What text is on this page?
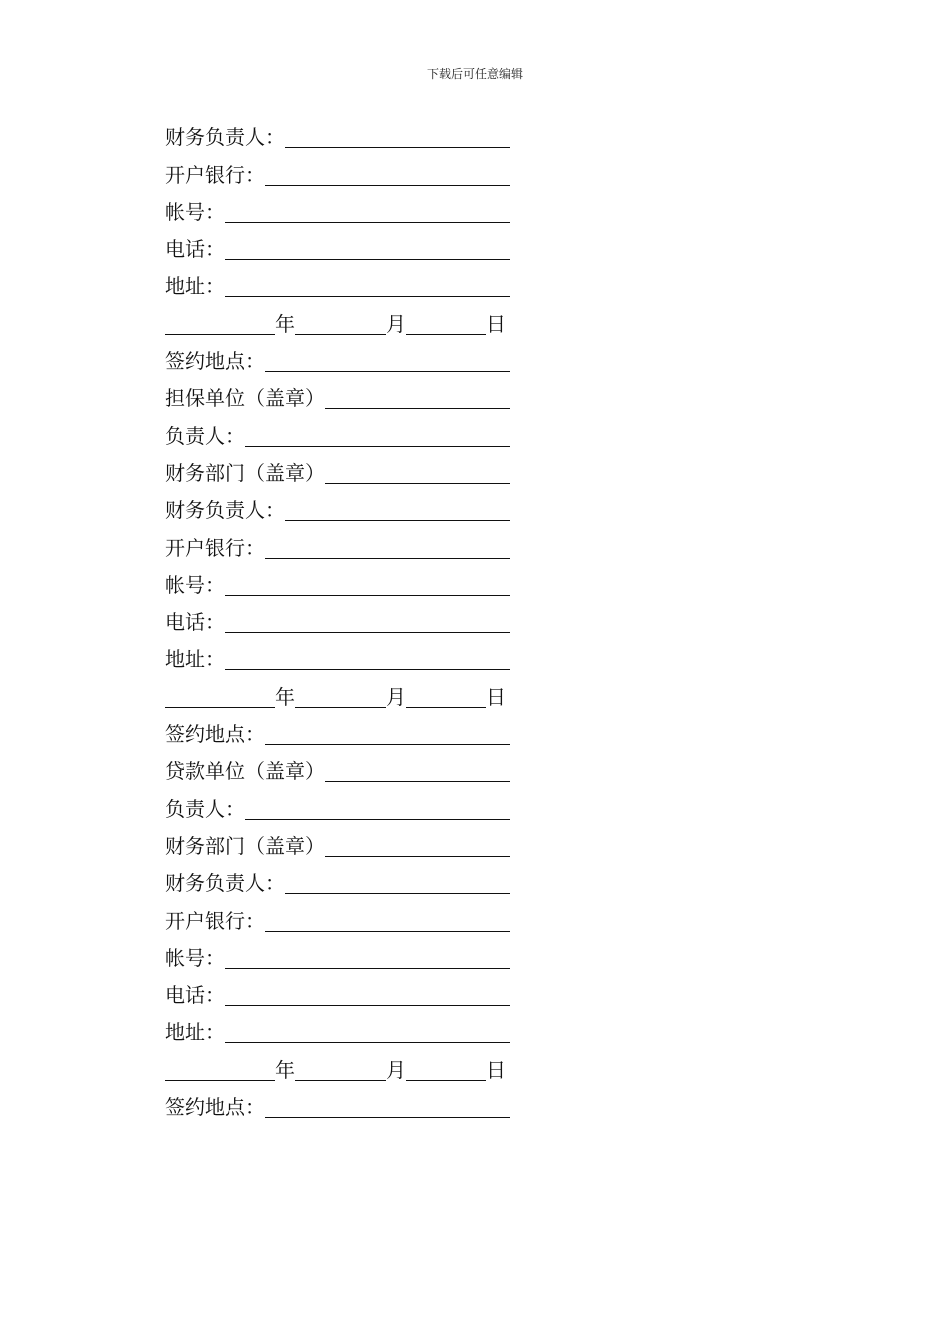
下载后可任意编辑
财务负责人：
开户银行：
帐号：
电话：
地址：
年	月	日
签约地点：
担保单位（盖章）
负责人：
财务部门（盖章）
财务负责人：
开户银行：
帐号：
电话：
地址：
年	月	日
签约地点：
贷款单位（盖章）
负责人：
财务部门（盖章）
财务负责人：
开户银行：
帐号：
电话：
地址：
年	月	日
签约地点：
